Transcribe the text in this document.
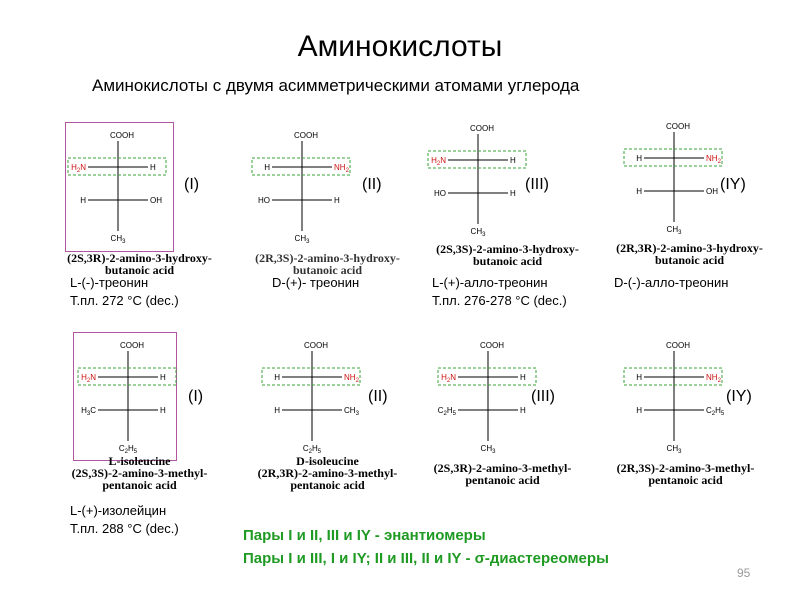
Аминокислоты
Аминокислоты с двумя асимметрическими атомами углерода
COOH
$H_2N$	H
H	OH
$CH_3$
COOH
H	$NH_2$
HO	H
$CH_3$
COOH
$H_2N$	H
HO	H
$CH_3$
COOH
H	$NH_2$
H	OH
$CH_3$
COOH
$H_2N$	H
$H_3C$	H
$C_2H_5$
COOH
H	$NH_2$
H	$CH_3$
$C_2H_5$
COOH
$H_2N$	H
$C_2H_5$	H
$CH_3$
COOH
H	$NH_2$
H	$C_2H_5$
$CH_3$
(I)	(II)	(III)	(IY)
(I)	(II)	(III)	(IY)
(2S,3R)-2-amino-3-hydroxy-
butanoic acid
(2R,3S)-2-amino-3-hydroxy-
butanoic acid
(2S,3S)-2-amino-3-hydroxy-
butanoic acid
(2R,3R)-2-amino-3-hydroxy-
butanoic acid
L-isoleucine
(2S,3S)-2-amino-3-methyl-
pentanoic acid
D-isoleucine
(2R,3R)-2-amino-3-methyl-
pentanoic acid
(2S,3R)-2-amino-3-methyl-
pentanoic acid
(2R,3S)-2-amino-3-methyl-
pentanoic acid
L-(-)-треонин
Т.пл. 272 °С (dec.)
D-(+)- треонин	L-(+)-алло-треонин
Т.пл. 276-278 °С (dec.)
D-(-)-алло-треонин
L-(+)-изолейцин
Т.пл. 288 °С (dec.)	Пары I и II, III и IY - энантиомеры
Пары I и III, I и IY; II и III, II и IY - σ-диастереомеры
95
